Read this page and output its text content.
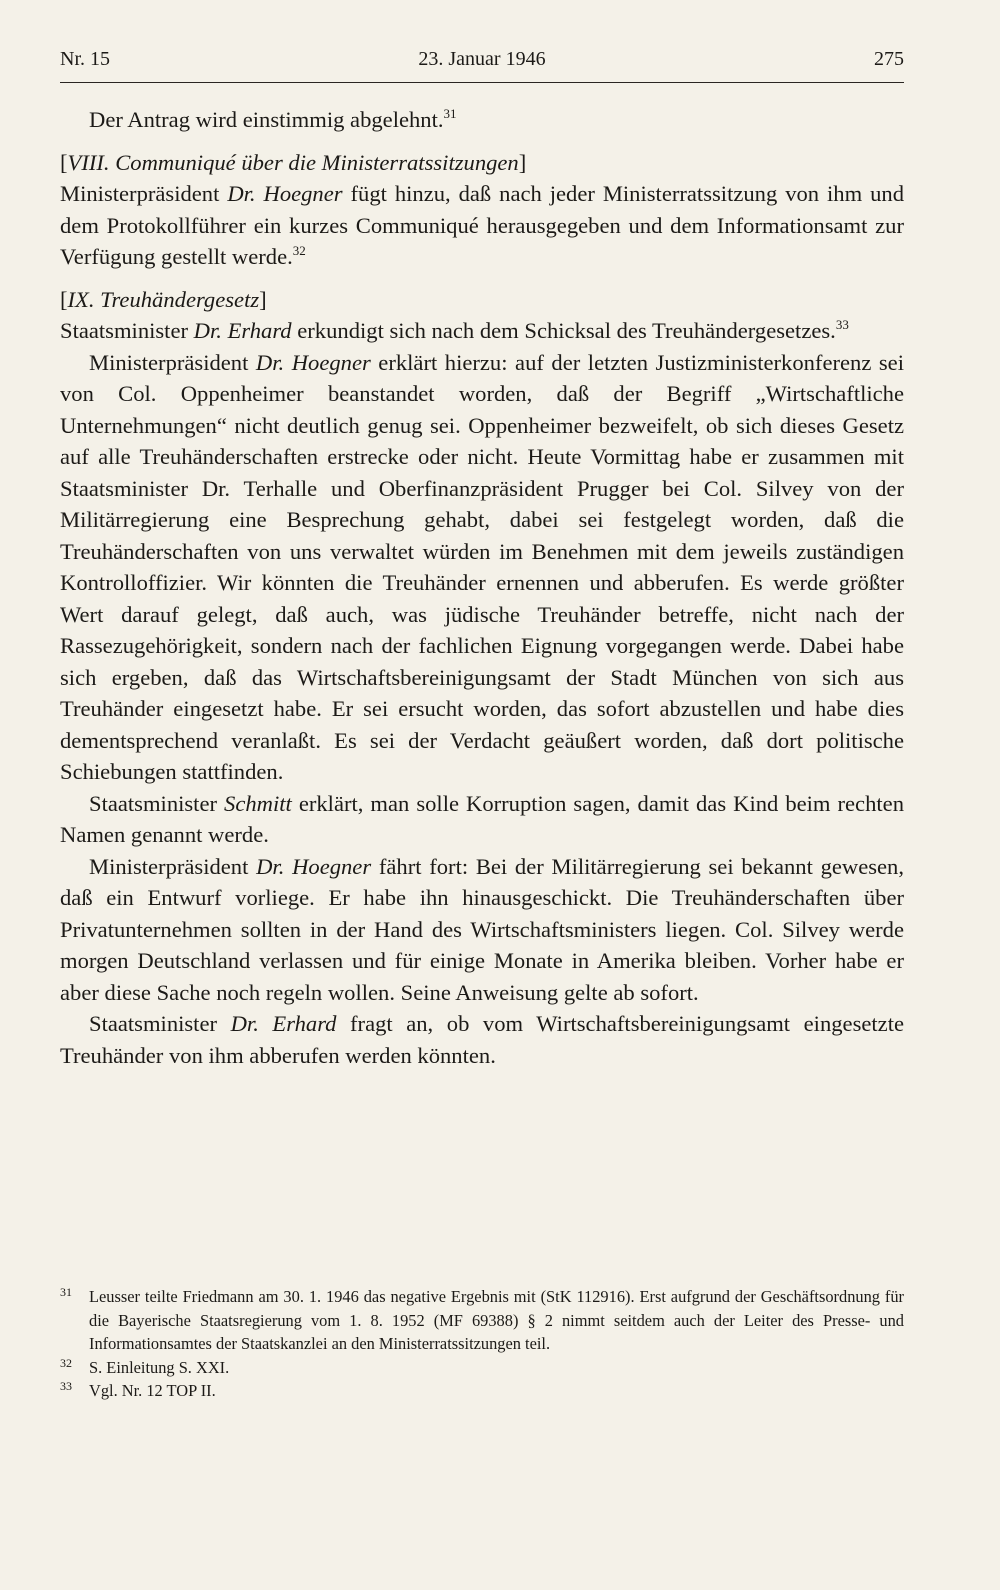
Nr. 15	23. Januar 1946	275

Der Antrag wird einstimmig abgelehnt.$^{31}$

[VIII. Communiqué über die Ministerratssitzungen]

Ministerpräsident Dr. Hoegner fügt hinzu, daß nach jeder Ministerratssitzung von ihm und dem Protokollführer ein kurzes Communiqué herausgegeben und dem Informationsamt zur Verfügung gestellt werde.$^{32}$

[IX. Treuhändergesetz]

Staatsminister Dr. Erhard erkundigt sich nach dem Schicksal des Treuhändergesetzes.$^{33}$

Ministerpräsident Dr. Hoegner erklärt hierzu: auf der letzten Justizministerkonferenz sei von Col. Oppenheimer beanstandet worden, daß der Begriff „Wirtschaftliche Unternehmungen“ nicht deutlich genug sei. Oppenheimer bezweifelt, ob sich dieses Gesetz auf alle Treuhänderschaften erstrecke oder nicht. Heute Vormittag habe er zusammen mit Staatsminister Dr. Terhalle und Oberfinanzpräsident Prugger bei Col. Silvey von der Militärregierung eine Besprechung gehabt, dabei sei festgelegt worden, daß die Treuhänderschaften von uns verwaltet würden im Benehmen mit dem jeweils zuständigen Kontrolloffizier. Wir könnten die Treuhänder ernennen und abberufen. Es werde größter Wert darauf gelegt, daß auch, was jüdische Treuhänder betreffe, nicht nach der Rassezugehörigkeit, sondern nach der fachlichen Eignung vorgegangen werde. Dabei habe sich ergeben, daß das Wirtschaftsbereinigungsamt der Stadt München von sich aus Treuhänder eingesetzt habe. Er sei ersucht worden, das sofort abzustellen und habe dies dementsprechend veranlaßt. Es sei der Verdacht geäußert worden, daß dort politische Schiebungen stattfinden.

Staatsminister Schmitt erklärt, man solle Korruption sagen, damit das Kind beim rechten Namen genannt werde.

Ministerpräsident Dr. Hoegner fährt fort: Bei der Militärregierung sei bekannt gewesen, daß ein Entwurf vorliege. Er habe ihn hinausgeschickt. Die Treuhänderschaften über Privatunternehmen sollten in der Hand des Wirtschaftsministers liegen. Col. Silvey werde morgen Deutschland verlassen und für einige Monate in Amerika bleiben. Vorher habe er aber diese Sache noch regeln wollen. Seine Anweisung gelte ab sofort.

Staatsminister Dr. Erhard fragt an, ob vom Wirtschaftsbereinigungsamt eingesetzte Treuhänder von ihm abberufen werden könnten.

31 Leusser teilte Friedmann am 30. 1. 1946 das negative Ergebnis mit (StK 112916). Erst aufgrund der Geschäftsordnung für die Bayerische Staatsregierung vom 1. 8. 1952 (MF 69388) § 2 nimmt seitdem auch der Leiter des Presse- und Informationsamtes der Staatskanzlei an den Ministerratssitzungen teil.

32 S. Einleitung S. XXI.

33 Vgl. Nr. 12 TOP II.
